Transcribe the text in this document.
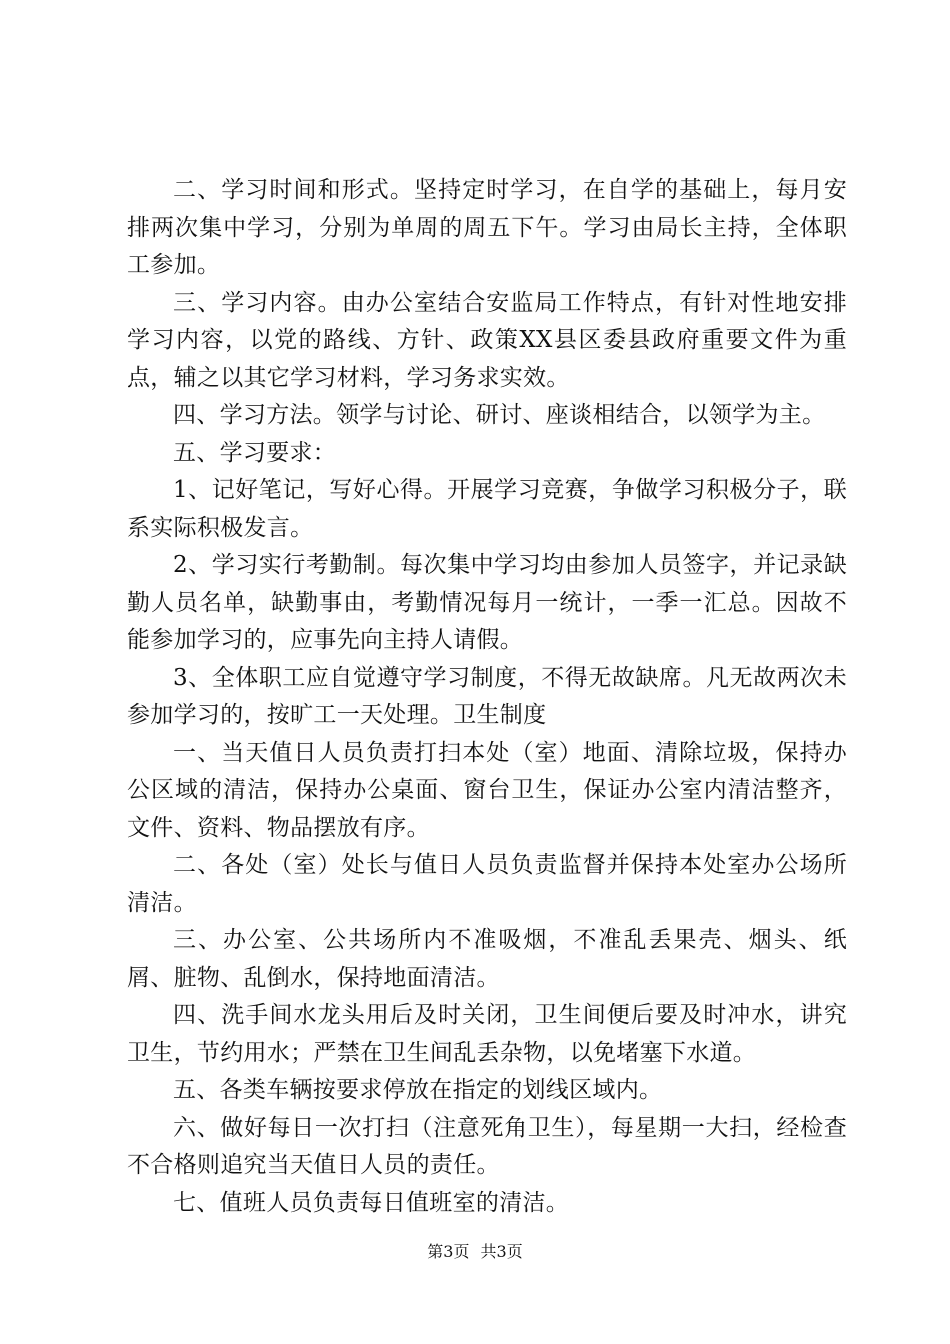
二、学习时间和形式。坚持定时学习，在自学的基础上，每月安排两次集中学习，分别为单周的周五下午。学习由局长主持，全体职工参加。

三、学习内容。由办公室结合安监局工作特点，有针对性地安排学习内容，以党的路线、方针、政策XX县区委县政府重要文件为重点，辅之以其它学习材料，学习务求实效。

四、学习方法。领学与讨论、研讨、座谈相结合，以领学为主。

五、学习要求：

1、记好笔记，写好心得。开展学习竞赛，争做学习积极分子，联系实际积极发言。

2、学习实行考勤制。每次集中学习均由参加人员签字，并记录缺勤人员名单，缺勤事由，考勤情况每月一统计，一季一汇总。因故不能参加学习的，应事先向主持人请假。

3、全体职工应自觉遵守学习制度，不得无故缺席。凡无故两次未参加学习的，按旷工一天处理。卫生制度

一、当天值日人员负责打扫本处（室）地面、清除垃圾，保持办公区域的清洁，保持办公桌面、窗台卫生，保证办公室内清洁整齐，文件、资料、物品摆放有序。

二、各处（室）处长与值日人员负责监督并保持本处室办公场所清洁。

三、办公室、公共场所内不准吸烟，不准乱丢果壳、烟头、纸屑、脏物、乱倒水，保持地面清洁。

四、洗手间水龙头用后及时关闭，卫生间便后要及时冲水，讲究卫生，节约用水；严禁在卫生间乱丢杂物，以免堵塞下水道。

五、各类车辆按要求停放在指定的划线区域内。

六、做好每日一次打扫（注意死角卫生），每星期一大扫，经检查不合格则追究当天值日人员的责任。

七、值班人员负责每日值班室的清洁。

第3页 共3页
